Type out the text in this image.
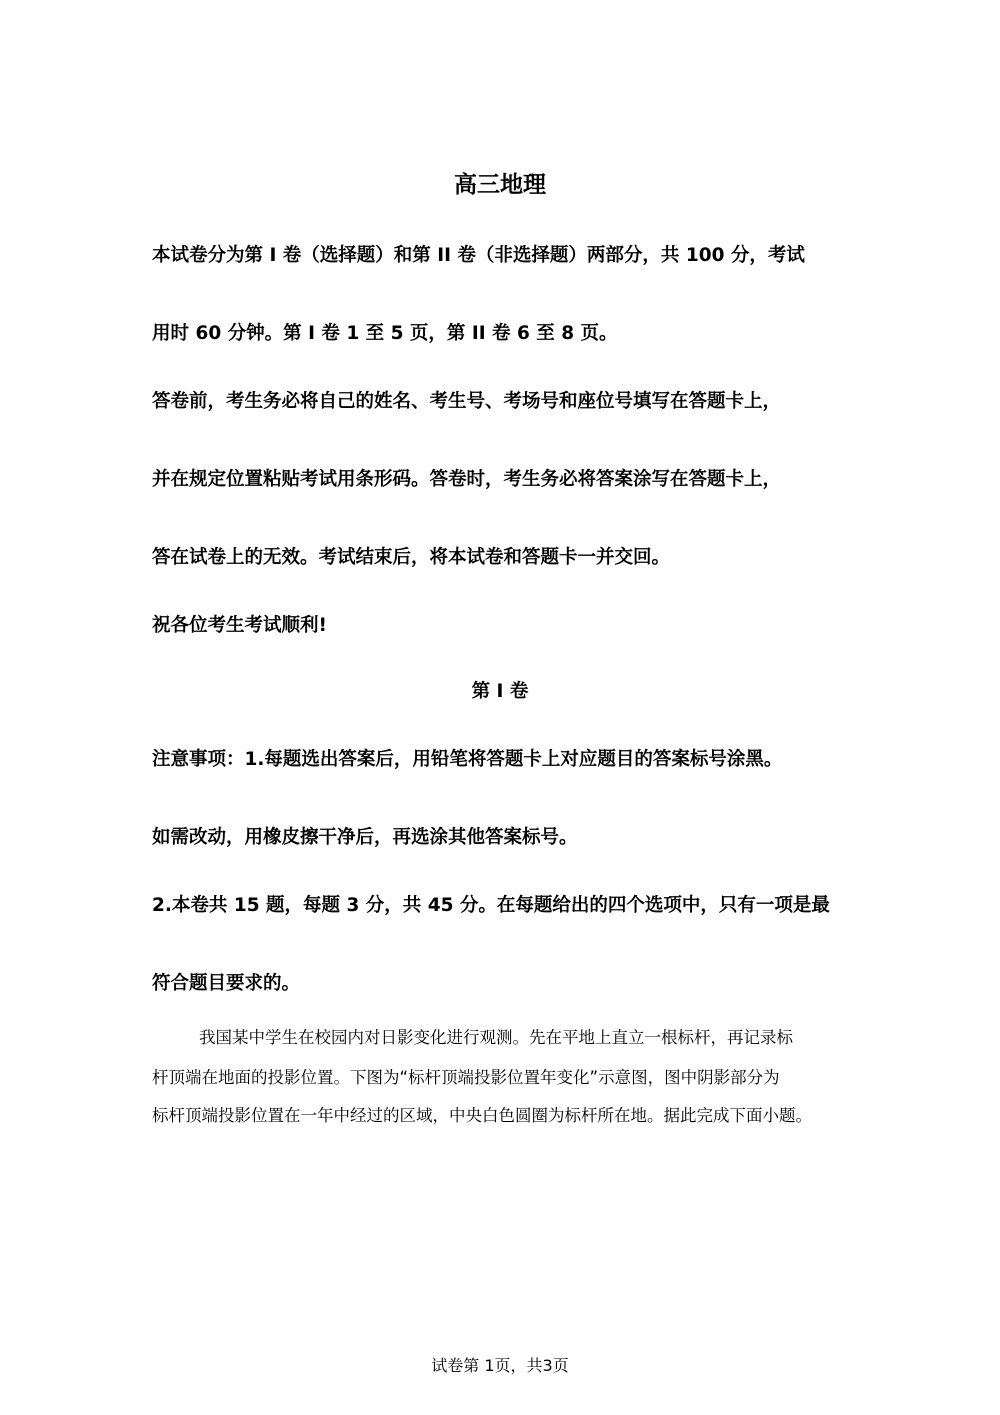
高三地理
本试卷分为第 I 卷（选择题）和第 II 卷（非选择题）两部分，共 100 分，考试
用时 60 分钟。第 I 卷 1 至 5 页，第 II 卷 6 至 8 页。
答卷前，考生务必将自己的姓名、考生号、考场号和座位号填写在答题卡上，
并在规定位置粘贴考试用条形码。答卷时，考生务必将答案涂写在答题卡上，
答在试卷上的无效。考试结束后，将本试卷和答题卡一并交回。
祝各位考生考试顺利!
第 I 卷
注意事项：1.每题选出答案后，用铅笔将答题卡上对应题目的答案标号涂黑。
如需改动，用橡皮擦干净后，再选涂其他答案标号。
2.本卷共 15 题，每题 3 分，共 45 分。在每题给出的四个选项中，只有一项是最
符合题目要求的。
我国某中学生在校园内对日影变化进行观测。先在平地上直立一根标杆，再记录标
杆顶端在地面的投影位置。下图为“标杆顶端投影位置年变化”示意图，图中阴影部分为
标杆顶端投影位置在一年中经过的区域，中央白色圆圈为标杆所在地。据此完成下面小题。
试卷第 1页，共3页
